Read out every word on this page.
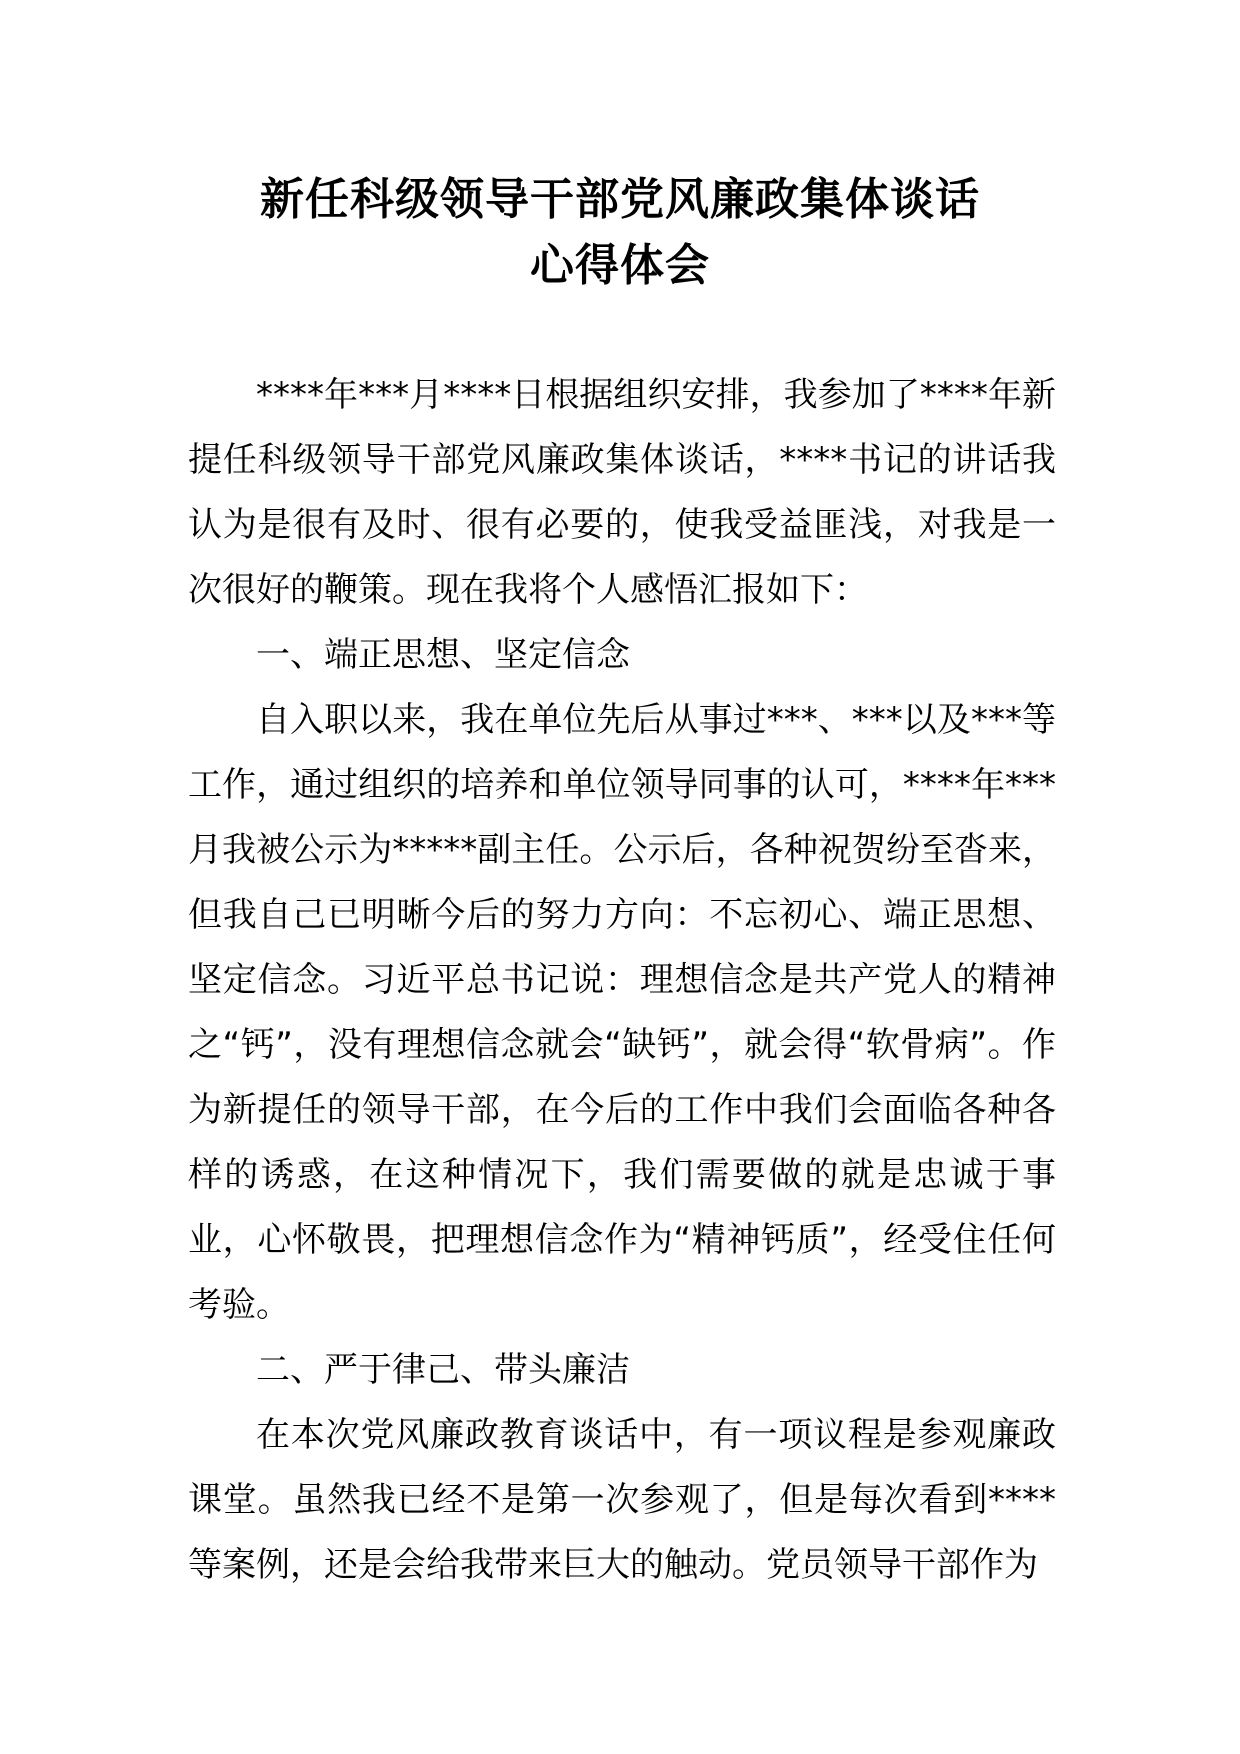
新任科级领导干部党风廉政集体谈话
心得体会

****年***月****日根据组织安排，我参加了****年新提任科级领导干部党风廉政集体谈话，****书记的讲话我认为是很有及时、很有必要的，使我受益匪浅，对我是一次很好的鞭策。现在我将个人感悟汇报如下：

一、端正思想、坚定信念

自入职以来，我在单位先后从事过***、***以及***等工作，通过组织的培养和单位领导同事的认可，****年***月我被公示为*****副主任。公示后，各种祝贺纷至沓来，但我自己已明晰今后的努力方向：不忘初心、端正思想、坚定信念。习近平总书记说：理想信念是共产党人的精神之“钙”，没有理想信念就会“缺钙”，就会得“软骨病”。作为新提任的领导干部，在今后的工作中我们会面临各种各样的诱惑，在这种情况下，我们需要做的就是忠诚于事业，心怀敬畏，把理想信念作为“精神钙质”，经受住任何考验。

二、严于律己、带头廉洁

在本次党风廉政教育谈话中，有一项议程是参观廉政课堂。虽然我已经不是第一次参观了，但是每次看到****等案例，还是会给我带来巨大的触动。党员领导干部作为
